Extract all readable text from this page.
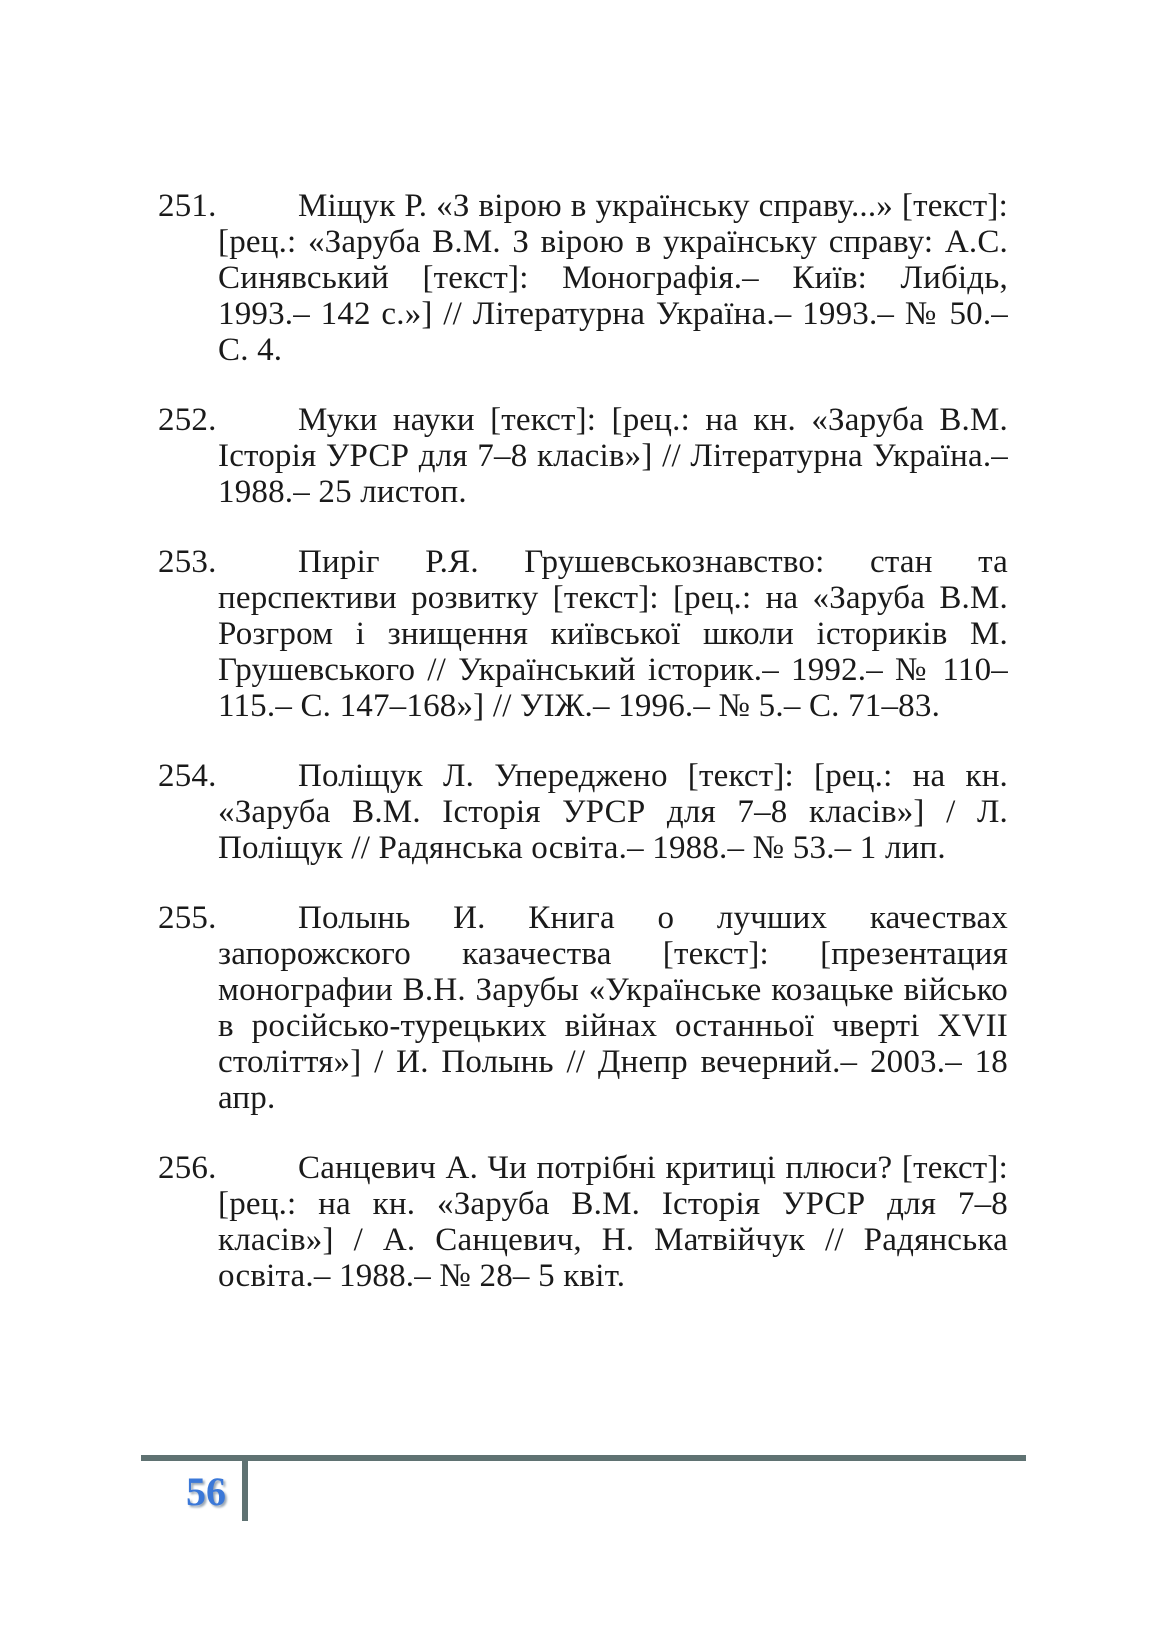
251.	Міщук Р. «З вірою в українську справу...» [текст]: [рец.: «Заруба В.М. З вірою в українську справу: А.С. Синявський [текст]: Монографія.– Київ: Либідь, 1993.– 142 с.»] // Літературна Україна.– 1993.– № 50.– С. 4.
252.	Муки науки [текст]: [рец.: на кн. «Заруба В.М. Історія УРСР для 7–8 класів»] // Літературна Україна.– 1988.– 25 листоп.
253.	Пиріг Р.Я. Грушевськознавство: стан та перспективи розвитку [текст]: [рец.: на «Заруба В.М. Розгром і знищення київської школи істориків М. Грушевського // Український історик.– 1992.– № 110–115.– С. 147–168»] // УІЖ.– 1996.– № 5.– С. 71–83.
254.	Поліщук Л. Упереджено [текст]: [рец.: на кн. «Заруба В.М. Історія УРСР для 7–8 класів»] / Л. Поліщук // Радянська освіта.– 1988.– № 53.– 1 лип.
255.	Полынь И. Книга о лучших качествах запорожского казачества [текст]: [презентация монографии В.Н. Зарубы «Українське козацьке військо в російсько-турецьких війнах останньої чверті XVII століття»] / И. Полынь // Днепр вечерний.– 2003.– 18 апр.
256.	Санцевич А. Чи потрібні критиці плюси? [текст]: [рец.: на кн. «Заруба В.М. Історія УРСР для 7–8 класів»] / А. Санцевич, Н. Матвійчук // Радянська освіта.– 1988.– № 28– 5 квіт.
56
